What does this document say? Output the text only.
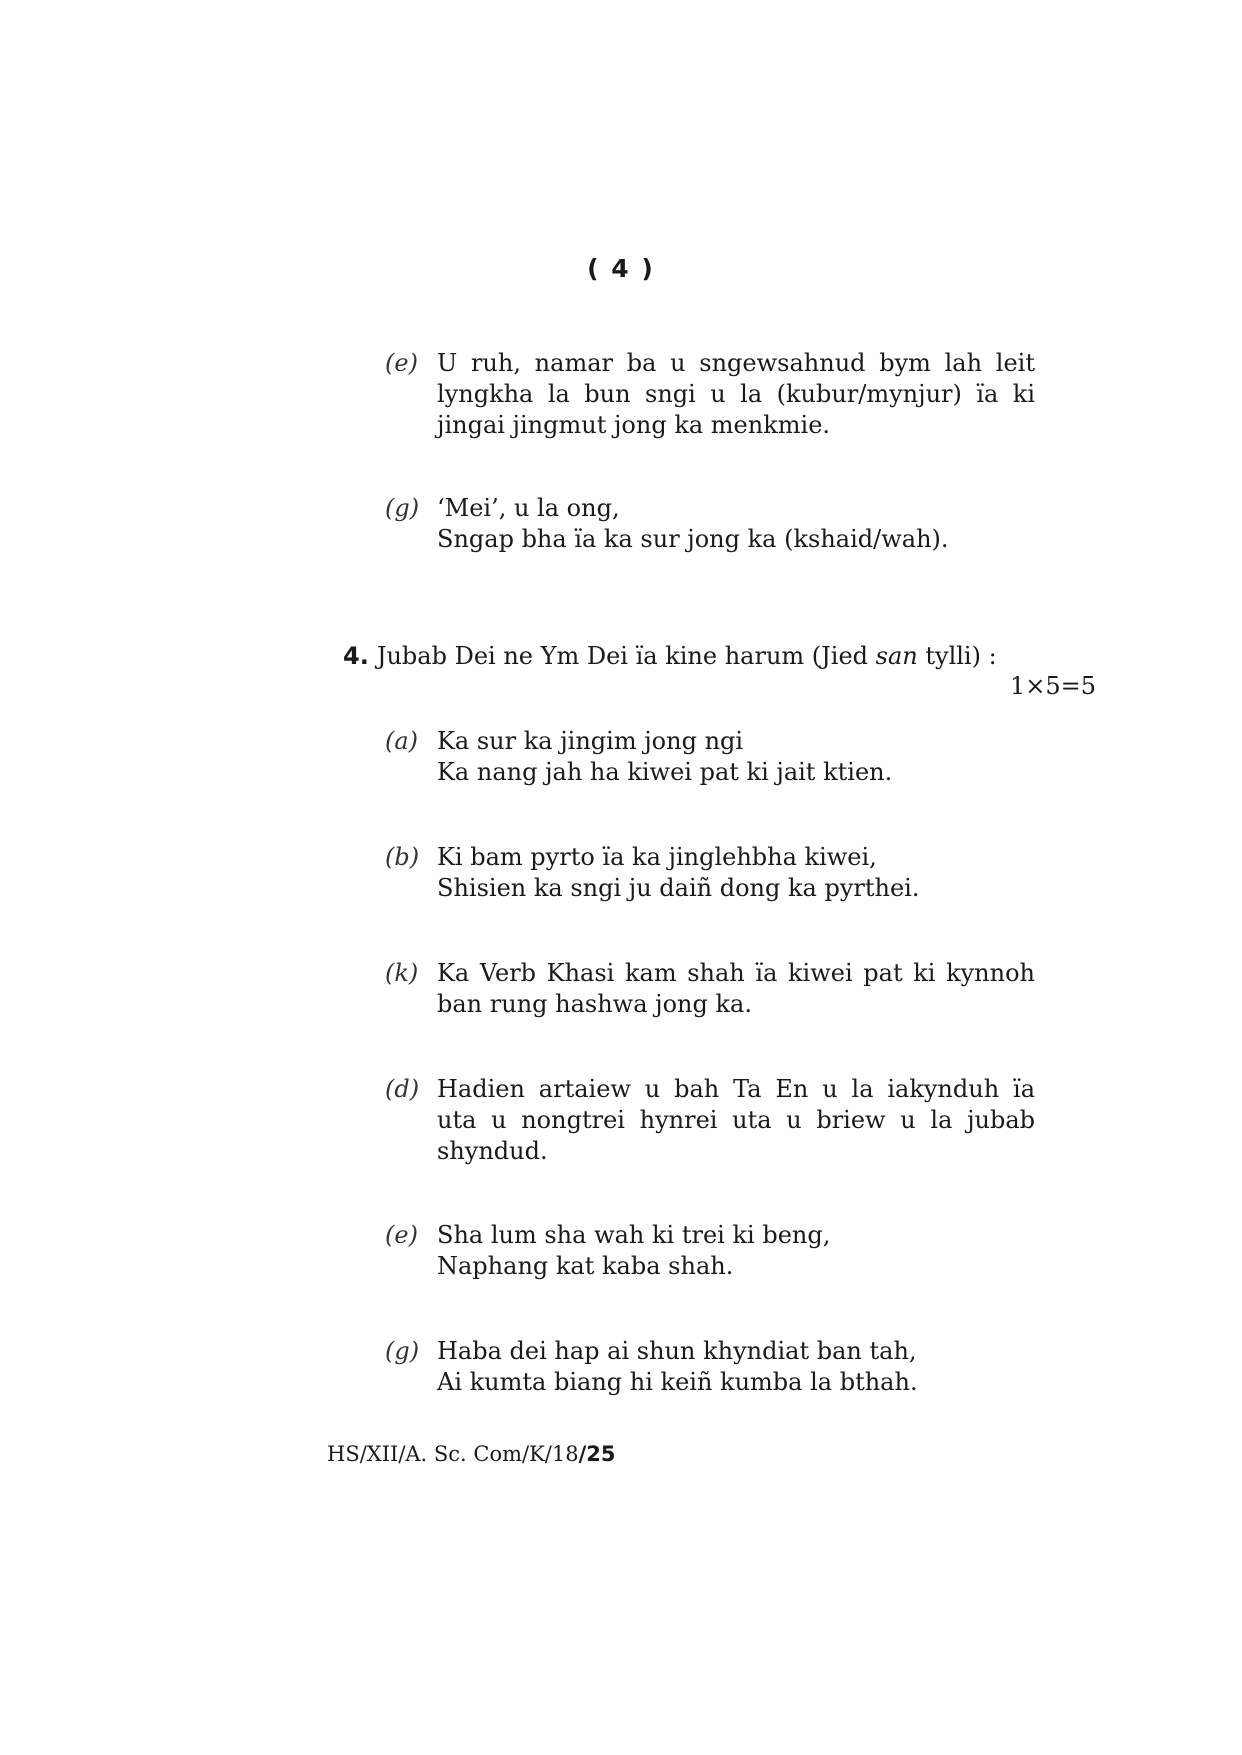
( 4 )
(e) U ruh, namar ba u sngewsahnud bym lah leit
lyngkha la bun sngi u la (kubur/mynjur) ïa ki
jingai jingmut jong ka menkmie.
(g) ‘Mei’, u la ong,
Sngap bha ïa ka sur jong ka (kshaid/wah).
4. Jubab Dei ne Ym Dei ïa kine harum (Jied san tylli) :
1×5=5
(a) Ka sur ka jingim jong ngi
Ka nang jah ha kiwei pat ki jait ktien.
(b) Ki bam pyrto ïa ka jinglehbha kiwei,
Shisien ka sngi ju daiñ dong ka pyrthei.
(k) Ka Verb Khasi kam shah ïa kiwei pat ki kynnoh
ban rung hashwa jong ka.
(d) Hadien artaiew u bah Ta En u la iakynduh ïa
uta u nongtrei hynrei uta u briew u la jubab
shyndud.
(e) Sha lum sha wah ki trei ki beng,
Naphang kat kaba shah.
(g) Haba dei hap ai shun khyndiat ban tah,
Ai kumta biang hi keiñ kumba la bthah.
HS/XII/A. Sc. Com/K/18/25
